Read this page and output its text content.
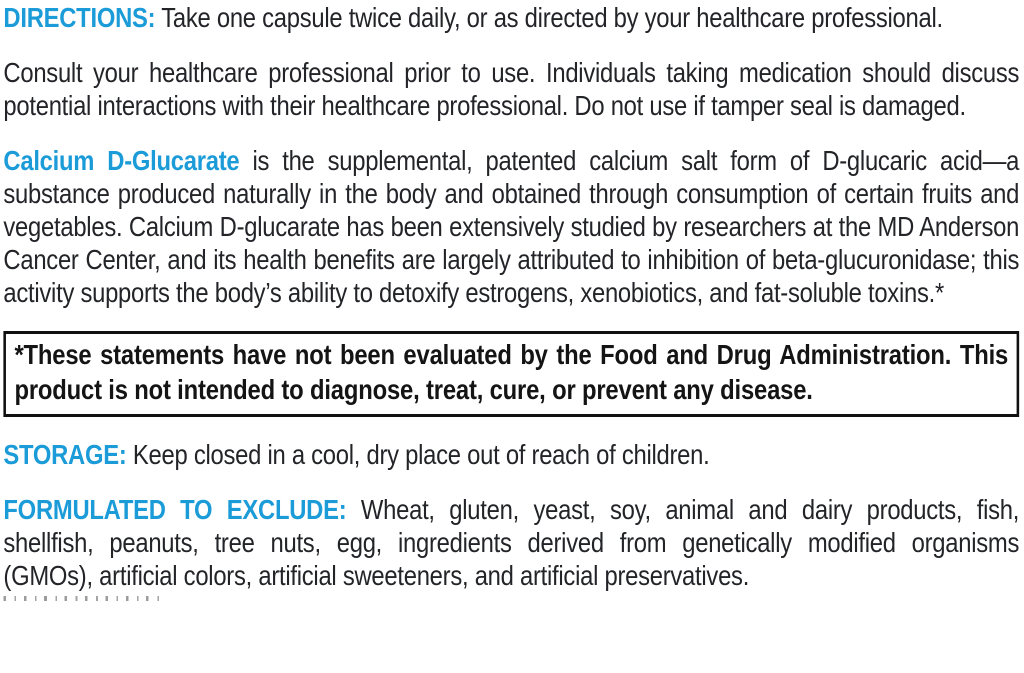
DIRECTIONS: Take one capsule twice daily, or as directed by your healthcare professional.

Consult your healthcare professional prior to use. Individuals taking medication should discuss potential interactions with their healthcare professional. Do not use if tamper seal is damaged.

Calcium D-Glucarate is the supplemental, patented calcium salt form of D-glucaric acid—a substance produced naturally in the body and obtained through consumption of certain fruits and vegetables. Calcium D-glucarate has been extensively studied by researchers at the MD Anderson Cancer Center, and its health benefits are largely attributed to inhibition of beta-glucuronidase; this activity supports the body’s ability to detoxify estrogens, xenobiotics, and fat-soluble toxins.*

*These statements have not been evaluated by the Food and Drug Administration. This product is not intended to diagnose, treat, cure, or prevent any disease.

STORAGE: Keep closed in a cool, dry place out of reach of children.

FORMULATED TO EXCLUDE: Wheat, gluten, yeast, soy, animal and dairy products, fish, shellfish, peanuts, tree nuts, egg, ingredients derived from genetically modified organisms (GMOs), artificial colors, artificial sweeteners, and artificial preservatives.
